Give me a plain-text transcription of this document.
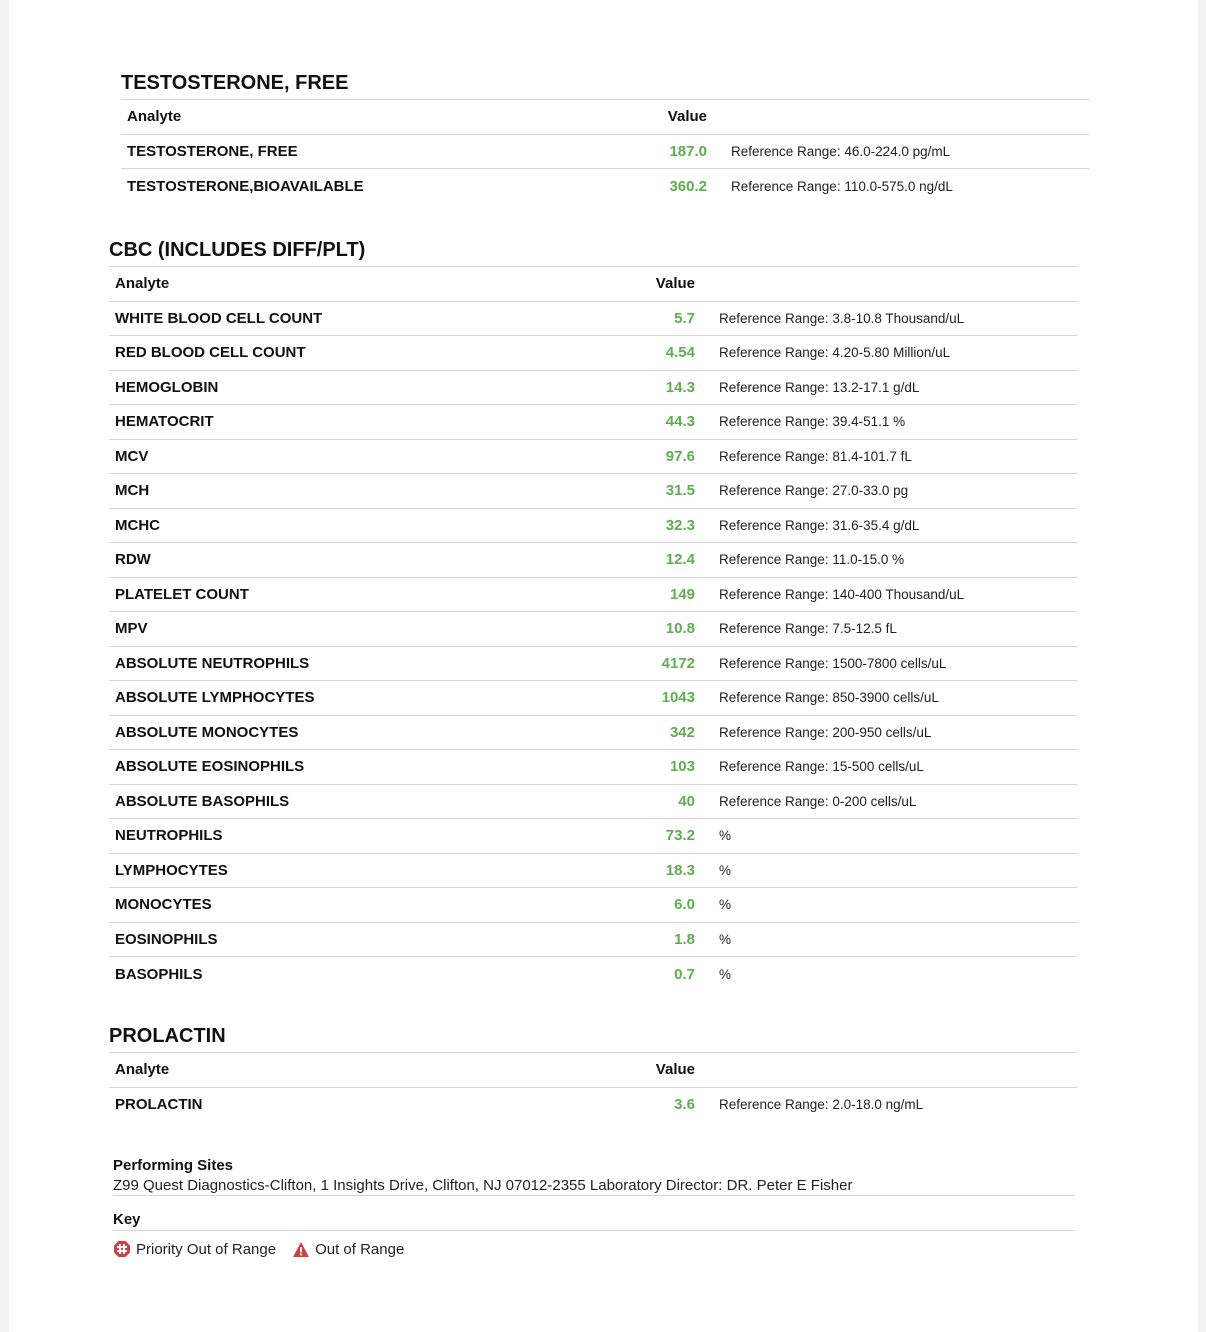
TESTOSTERONE, FREE
Analyte	Value
TESTOSTERONE, FREE	187.0	Reference Range: 46.0-224.0 pg/mL
TESTOSTERONE,BIOAVAILABLE	360.2	Reference Range: 110.0-575.0 ng/dL
CBC (INCLUDES DIFF/PLT)
Analyte	Value
WHITE BLOOD CELL COUNT	5.7	Reference Range: 3.8-10.8 Thousand/uL
RED BLOOD CELL COUNT	4.54	Reference Range: 4.20-5.80 Million/uL
HEMOGLOBIN	14.3	Reference Range: 13.2-17.1 g/dL
HEMATOCRIT	44.3	Reference Range: 39.4-51.1 %
MCV	97.6	Reference Range: 81.4-101.7 fL
MCH	31.5	Reference Range: 27.0-33.0 pg
MCHC	32.3	Reference Range: 31.6-35.4 g/dL
RDW	12.4	Reference Range: 11.0-15.0 %
PLATELET COUNT	149	Reference Range: 140-400 Thousand/uL
MPV	10.8	Reference Range: 7.5-12.5 fL
ABSOLUTE NEUTROPHILS	4172	Reference Range: 1500-7800 cells/uL
ABSOLUTE LYMPHOCYTES	1043	Reference Range: 850-3900 cells/uL
ABSOLUTE MONOCYTES	342	Reference Range: 200-950 cells/uL
ABSOLUTE EOSINOPHILS	103	Reference Range: 15-500 cells/uL
ABSOLUTE BASOPHILS	40	Reference Range: 0-200 cells/uL
NEUTROPHILS	73.2	%
LYMPHOCYTES	18.3	%
MONOCYTES	6.0	%
EOSINOPHILS	1.8	%
BASOPHILS	0.7	%
PROLACTIN
Analyte	Value
PROLACTIN	3.6	Reference Range: 2.0-18.0 ng/mL
Performing Sites
Z99 Quest Diagnostics-Clifton, 1 Insights Drive, Clifton, NJ 07012-2355 Laboratory Director: DR. Peter E Fisher
Key
Priority Out of Range	Out of Range
